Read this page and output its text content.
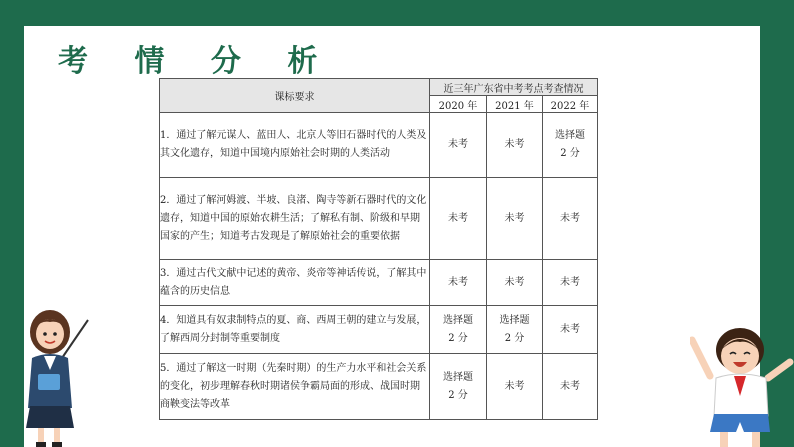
考 情 分 析
课标要求	近三年广东省中考考点考查情况		
	2020 年	2021 年	2022 年
1．通过了解元谋人、蓝田人、北京人等旧石器时代的人类及其文化遗存，知道中国境内原始社会时期的人类活动	未考	未考	选择题
2 分

2．通过了解河姆渡、半坡、良渚、陶寺等新石器时代的文化遗存，知道中国的原始农耕生活；了解私有制、阶级和早期国家的产生；知道考古发现是了解原始社会的重要依据	未考	未考	未考

3．通过古代文献中记述的黄帝、炎帝等神话传说，了解其中蕴含的历史信息	未考	未考	未考

4．知道具有奴隶制特点的夏、商、西周王朝的建立与发展，了解西周分封制等重要制度	选择题
2 分	选择题
2 分	未考

5．通过了解这一时期（先秦时期）的生产力水平和社会关系的变化，初步理解春秋时期诸侯争霸局面的形成、战国时期商鞅变法等改革	选择题
2 分	未考	未考
